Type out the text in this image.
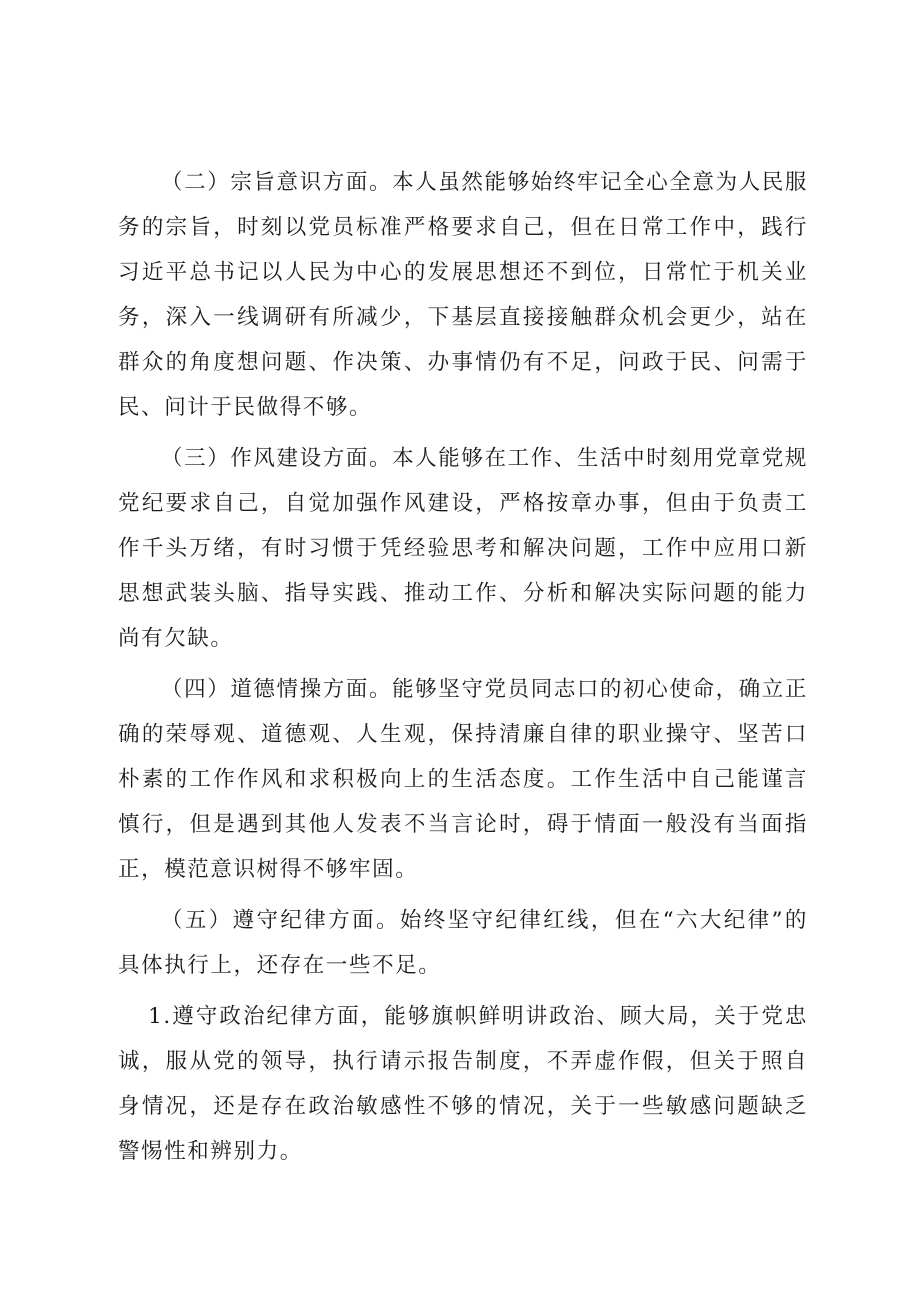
（二）宗旨意识方面。本人虽然能够始终牢记全心全意为人民服务的宗旨，时刻以党员标准严格要求自己，但在日常工作中，践行习近平总书记以人民为中心的发展思想还不到位，日常忙于机关业务，深入一线调研有所减少，下基层直接接触群众机会更少，站在群众的角度想问题、作决策、办事情仍有不足，问政于民、问需于民、问计于民做得不够。

（三）作风建设方面。本人能够在工作、生活中时刻用党章党规党纪要求自己，自觉加强作风建设，严格按章办事，但由于负责工作千头万绪，有时习惯于凭经验思考和解决问题，工作中应用口新思想武装头脑、指导实践、推动工作、分析和解决实际问题的能力尚有欠缺。

（四）道德情操方面。能够坚守党员同志口的初心使命，确立正确的荣辱观、道德观、人生观，保持清廉自律的职业操守、坚苦口朴素的工作作风和求积极向上的生活态度。工作生活中自己能谨言慎行，但是遇到其他人发表不当言论时，碍于情面一般没有当面指正，模范意识树得不够牢固。

（五）遵守纪律方面。始终坚守纪律红线，但在“六大纪律”的具体执行上，还存在一些不足。

1.遵守政治纪律方面，能够旗帜鲜明讲政治、顾大局，关于党忠诚，服从党的领导，执行请示报告制度，不弄虚作假，但关于照自身情况，还是存在政治敏感性不够的情况，关于一些敏感问题缺乏警惕性和辨别力。
